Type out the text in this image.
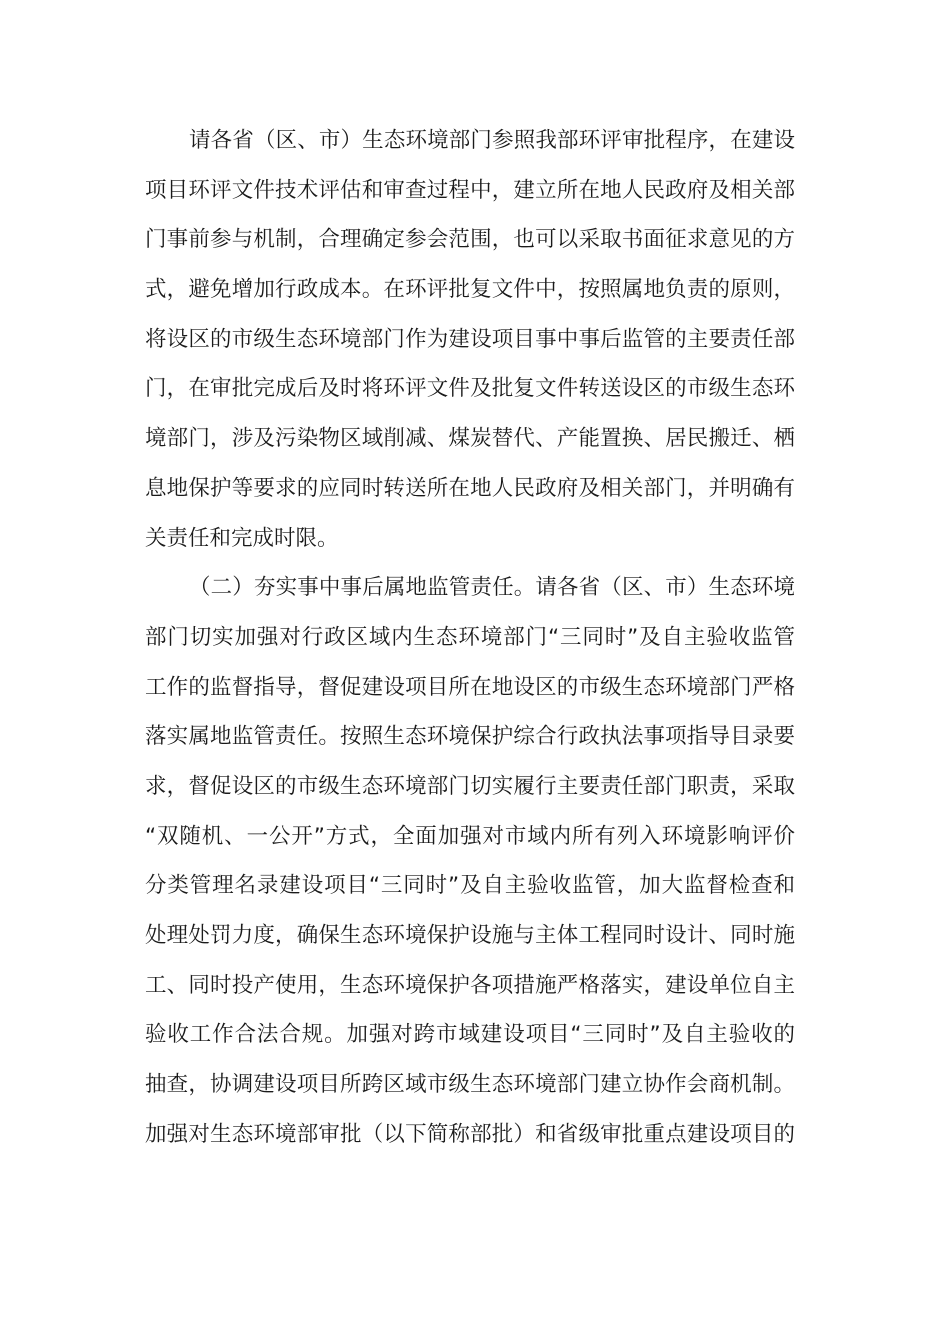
请各省（区、市）生态环境部门参照我部环评审批程序，在建设
项目环评文件技术评估和审查过程中，建立所在地人民政府及相关部
门事前参与机制，合理确定参会范围，也可以采取书面征求意见的方
式，避免增加行政成本。在环评批复文件中，按照属地负责的原则，
将设区的市级生态环境部门作为建设项目事中事后监管的主要责任部
门，在审批完成后及时将环评文件及批复文件转送设区的市级生态环
境部门，涉及污染物区域削减、煤炭替代、产能置换、居民搬迁、栖
息地保护等要求的应同时转送所在地人民政府及相关部门，并明确有
关责任和完成时限。
（二）夯实事中事后属地监管责任。请各省（区、市）生态环境
部门切实加强对行政区域内生态环境部门“三同时”及自主验收监管
工作的监督指导，督促建设项目所在地设区的市级生态环境部门严格
落实属地监管责任。按照生态环境保护综合行政执法事项指导目录要
求，督促设区的市级生态环境部门切实履行主要责任部门职责，采取
“双随机、一公开”方式，全面加强对市域内所有列入环境影响评价
分类管理名录建设项目“三同时”及自主验收监管，加大监督检查和
处理处罚力度，确保生态环境保护设施与主体工程同时设计、同时施
工、同时投产使用，生态环境保护各项措施严格落实，建设单位自主
验收工作合法合规。加强对跨市域建设项目“三同时”及自主验收的
抽查，协调建设项目所跨区域市级生态环境部门建立协作会商机制。
加强对生态环境部审批（以下简称部批）和省级审批重点建设项目的
